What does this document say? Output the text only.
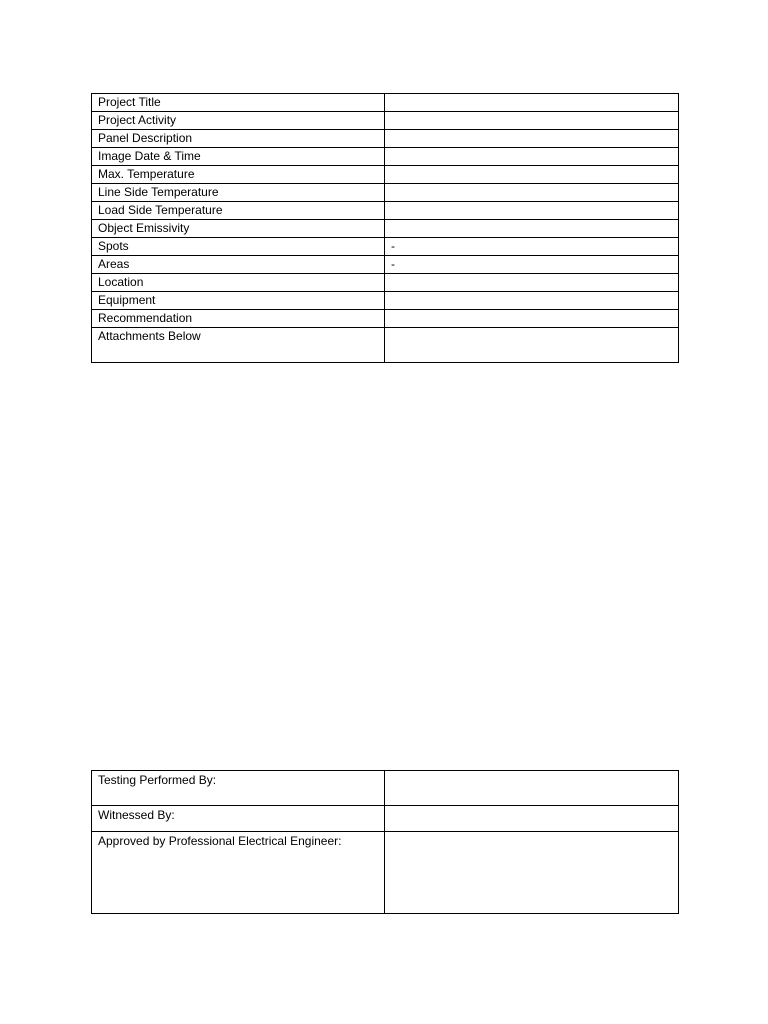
Project Title	
Project Activity	
Panel Description	
Image Date & Time	
Max. Temperature	
Line Side Temperature	
Load Side Temperature	
Object Emissivity	
Spots	-
Areas	-
Location	
Equipment	
Recommendation	
Attachments Below	
Testing Performed By:	
Witnessed By:	
Approved by Professional Electrical Engineer:	
